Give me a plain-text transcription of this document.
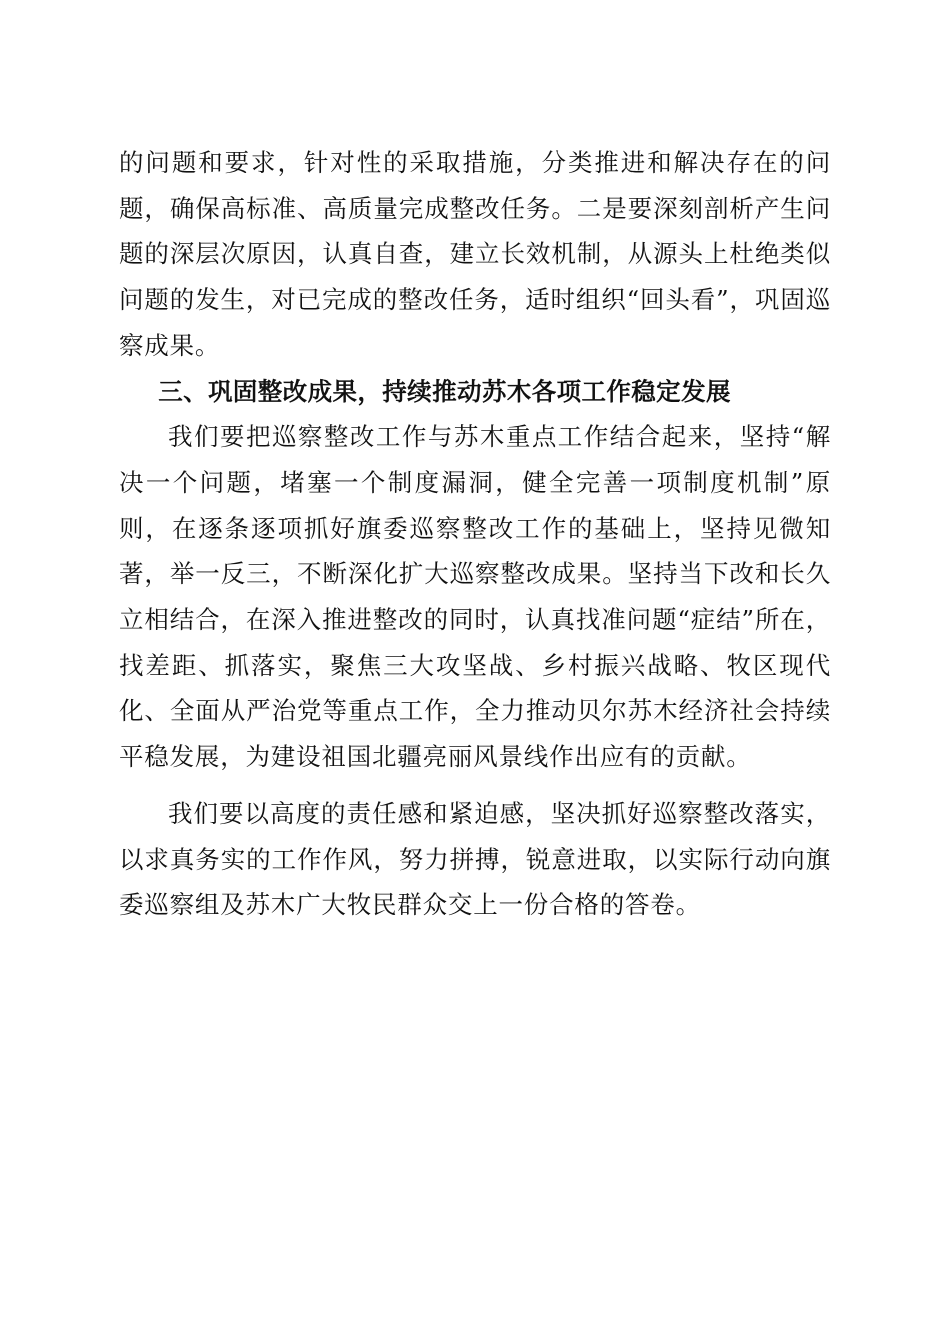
的问题和要求，针对性的采取措施，分类推进和解决存在的问题，确保高标准、高质量完成整改任务。二是要深刻剖析产生问题的深层次原因，认真自查，建立长效机制，从源头上杜绝类似问题的发生，对已完成的整改任务，适时组织“回头看”，巩固巡察成果。

三、巩固整改成果，持续推动苏木各项工作稳定发展

我们要把巡察整改工作与苏木重点工作结合起来，坚持“解决一个问题，堵塞一个制度漏洞，健全完善一项制度机制”原则，在逐条逐项抓好旗委巡察整改工作的基础上，坚持见微知著，举一反三，不断深化扩大巡察整改成果。坚持当下改和长久立相结合，在深入推进整改的同时，认真找准问题“症结”所在，找差距、抓落实，聚焦三大攻坚战、乡村振兴战略、牧区现代化、全面从严治党等重点工作，全力推动贝尔苏木经济社会持续平稳发展，为建设祖国北疆亮丽风景线作出应有的贡献。

我们要以高度的责任感和紧迫感，坚决抓好巡察整改落实，以求真务实的工作作风，努力拼搏，锐意进取，以实际行动向旗委巡察组及苏木广大牧民群众交上一份合格的答卷。
